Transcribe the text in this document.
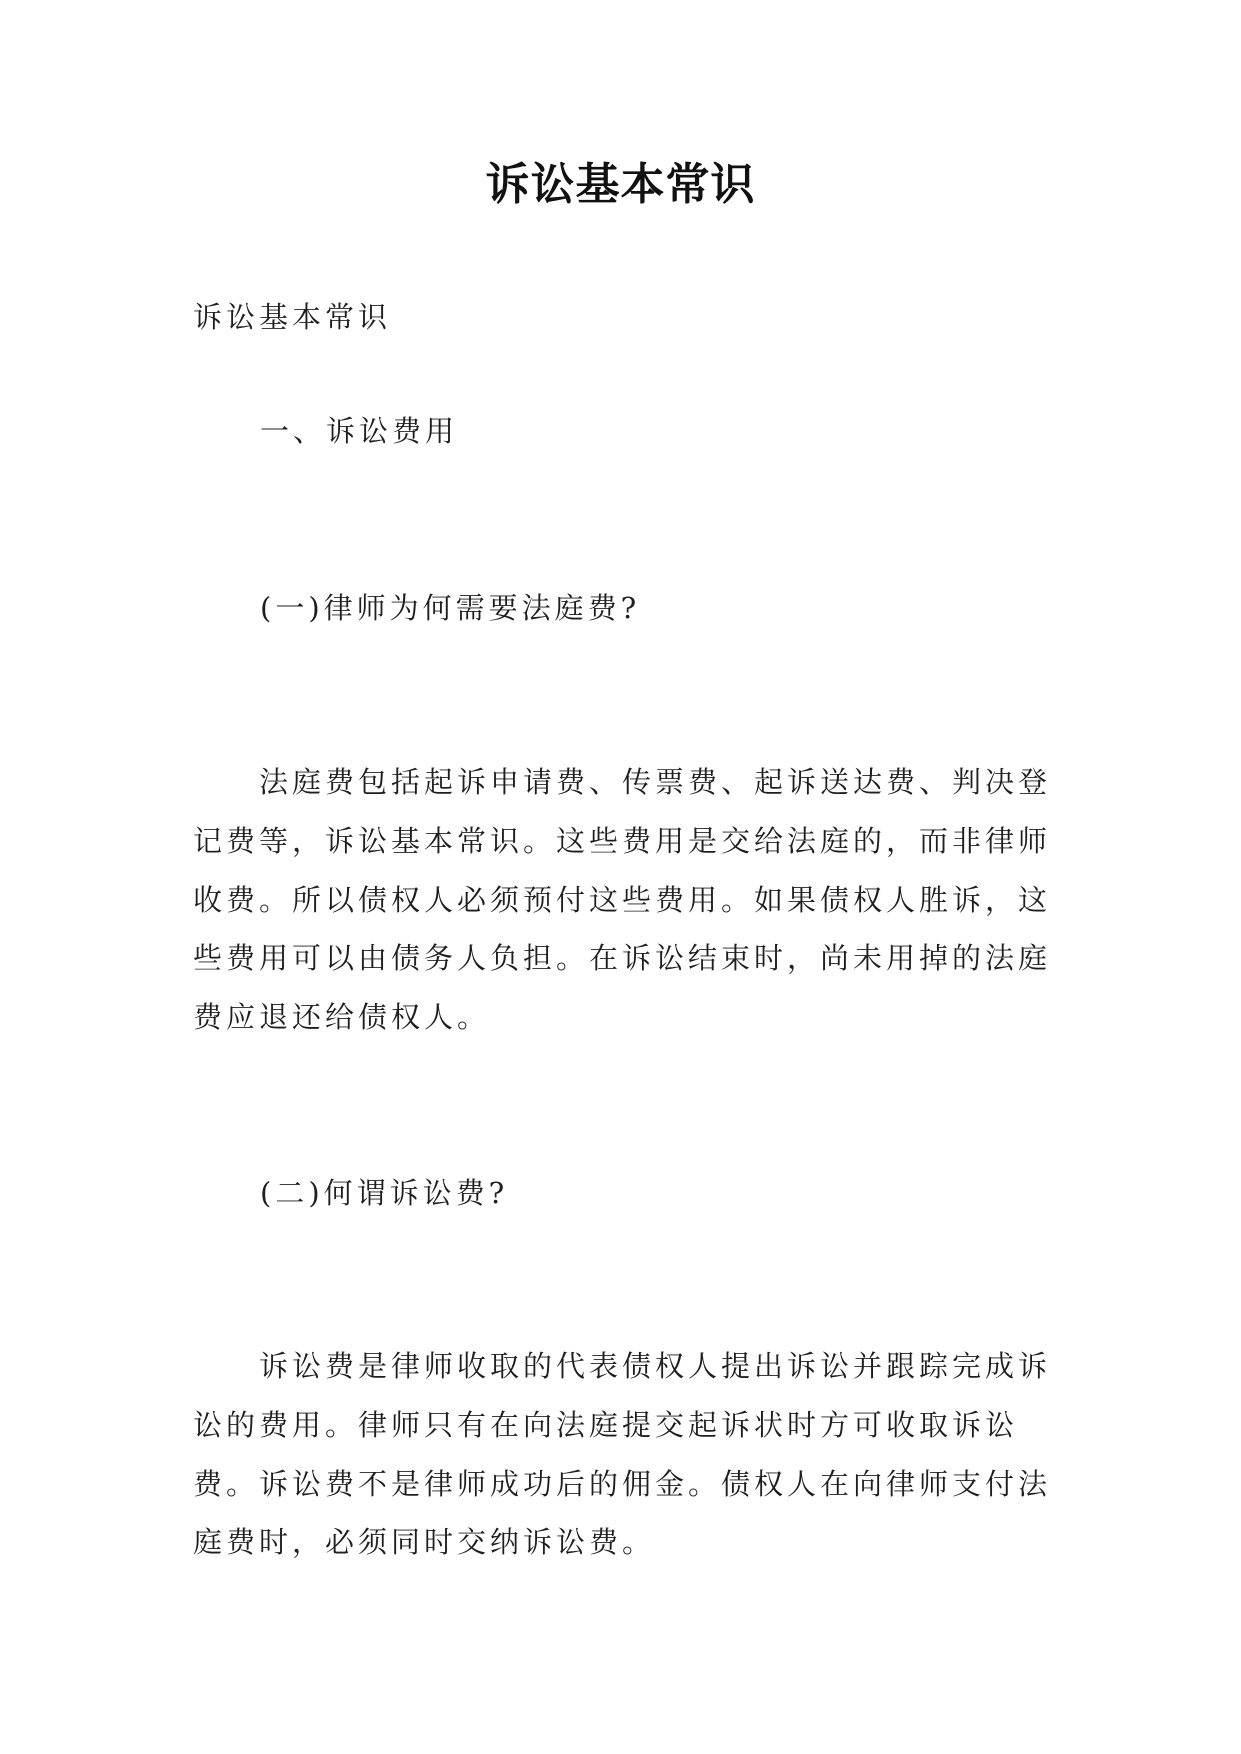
诉讼基本常识
诉讼基本常识
一、诉讼费用
(一)律师为何需要法庭费?
法庭费包括起诉申请费、传票费、起诉送达费、判决登记费等，诉讼基本常识。这些费用是交给法庭的，而非律师收费。所以债权人必须预付这些费用。如果债权人胜诉，这些费用可以由债务人负担。在诉讼结束时，尚未用掉的法庭费应退还给债权人。
(二)何谓诉讼费?
诉讼费是律师收取的代表债权人提出诉讼并跟踪完成诉讼的费用。律师只有在向法庭提交起诉状时方可收取诉讼费。诉讼费不是律师成功后的佣金。债权人在向律师支付法庭费时，必须同时交纳诉讼费。
